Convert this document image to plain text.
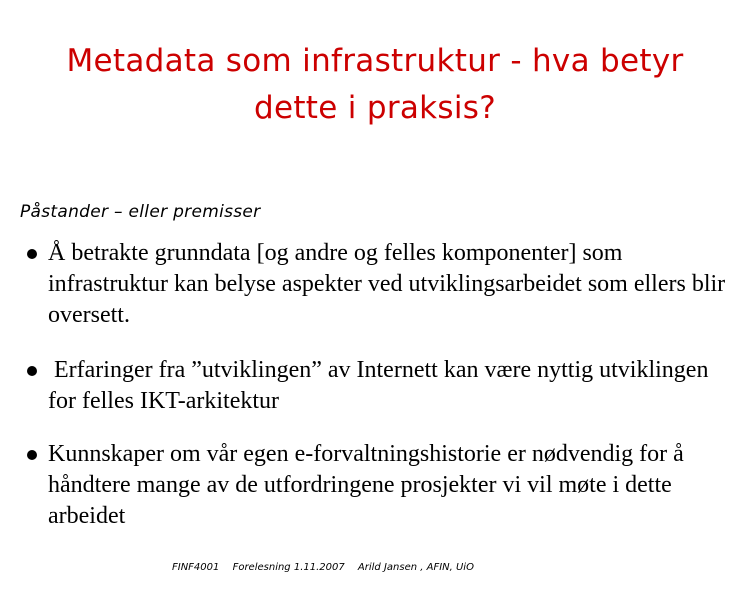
Metadata som infrastruktur - hva betyr
dette i praksis?
Påstander – eller premisser
Å betrakte grunndata [og andre og felles komponenter] som infrastruktur kan belyse aspekter ved utviklingsarbeidet som ellers blir oversett.
Erfaringer fra ”utviklingen” av Internett kan være nyttig utviklingen for felles IKT-arkitektur
Kunnskaper om vår egen e-forvaltningshistorie er nødvendig for å håndtere mange av de utfordringene prosjekter vi vil møte i dette arbeidet
FINF4001 Forelesning 1.11.2007 Arild Jansen , AFIN, UiO
